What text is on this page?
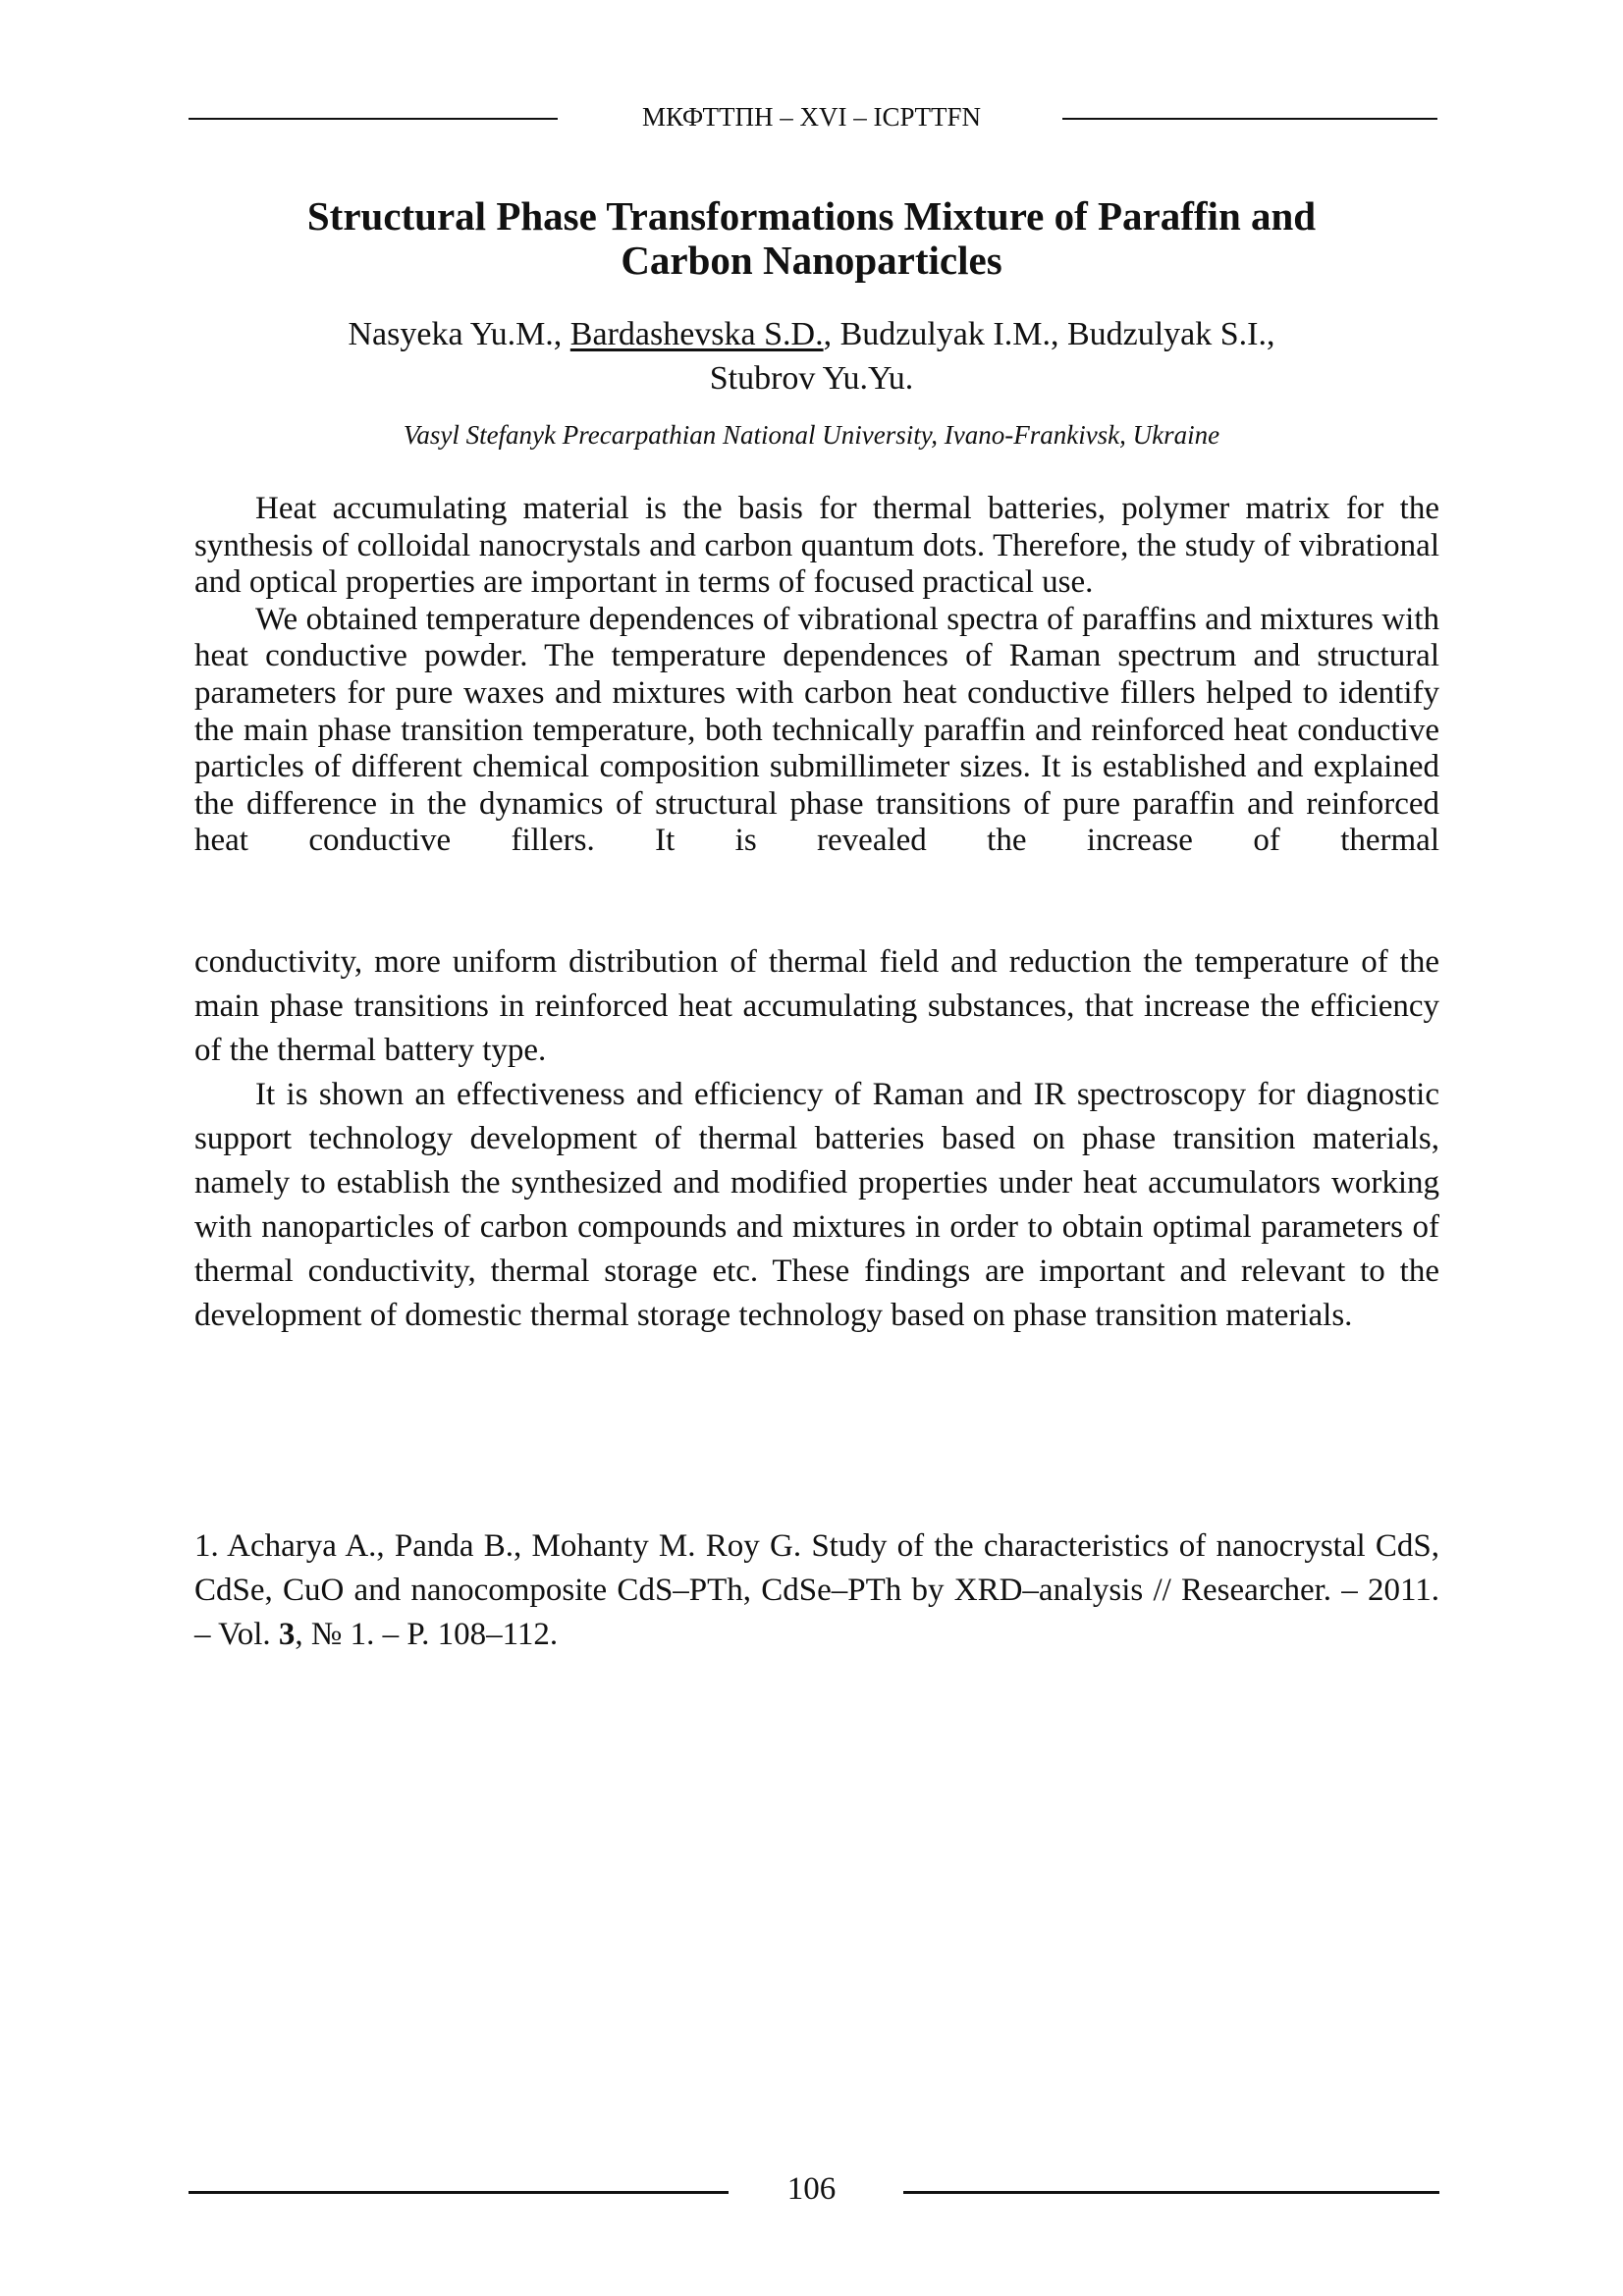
МКФТТПН – XVI – ICPTTFN
Structural Phase Transformations Mixture of Paraffin and
Carbon Nanoparticles
Nasyeka Yu.M., Bardashevska S.D., Budzulyak I.M., Budzulyak S.I.,
Stubrov Yu.Yu.
Vasyl Stefanyk Precarpathian National University, Ivano-Frankivsk, Ukraine

Heat accumulating material is the basis for thermal batteries, polymer matrix for the synthesis of colloidal nanocrystals and carbon quantum dots. Therefore, the study of vibrational and optical properties are important in terms of focused practical use.

We obtained temperature dependences of vibrational spectra of paraffins and mixtures with heat conductive powder. The temperature dependences of Raman spectrum and structural parameters for pure waxes and mixtures with carbon heat conductive fillers helped to identify the main phase transition temperature, both technically paraffin and reinforced heat conductive particles of different chemical composition submillimeter sizes. It is established and explained the difference in the dynamics of structural phase transitions of pure paraffin and reinforced heat conductive fillers. It is revealed the increase of thermal

conductivity, more uniform distribution of thermal field and reduction the temperature of the main phase transitions in reinforced heat accumulating substances, that increase the efficiency of the thermal battery type.

It is shown an effectiveness and efficiency of Raman and IR spectroscopy for diagnostic support technology development of thermal batteries based on phase transition materials, namely to establish the synthesized and modified properties under heat accumulators working with nanoparticles of carbon compounds and mixtures in order to obtain optimal parameters of thermal conductivity, thermal storage etc. These findings are important and relevant to the development of domestic thermal storage technology based on phase transition materials.

1. Acharya A., Panda B., Mohanty M. Roy G. Study of the characteristics of nanocrystal CdS, CdSe, CuO and nanocomposite CdS–PTh, CdSe–PTh by XRD–analysis // Researcher. – 2011. – Vol. 3, № 1. – P. 108–112.
106
